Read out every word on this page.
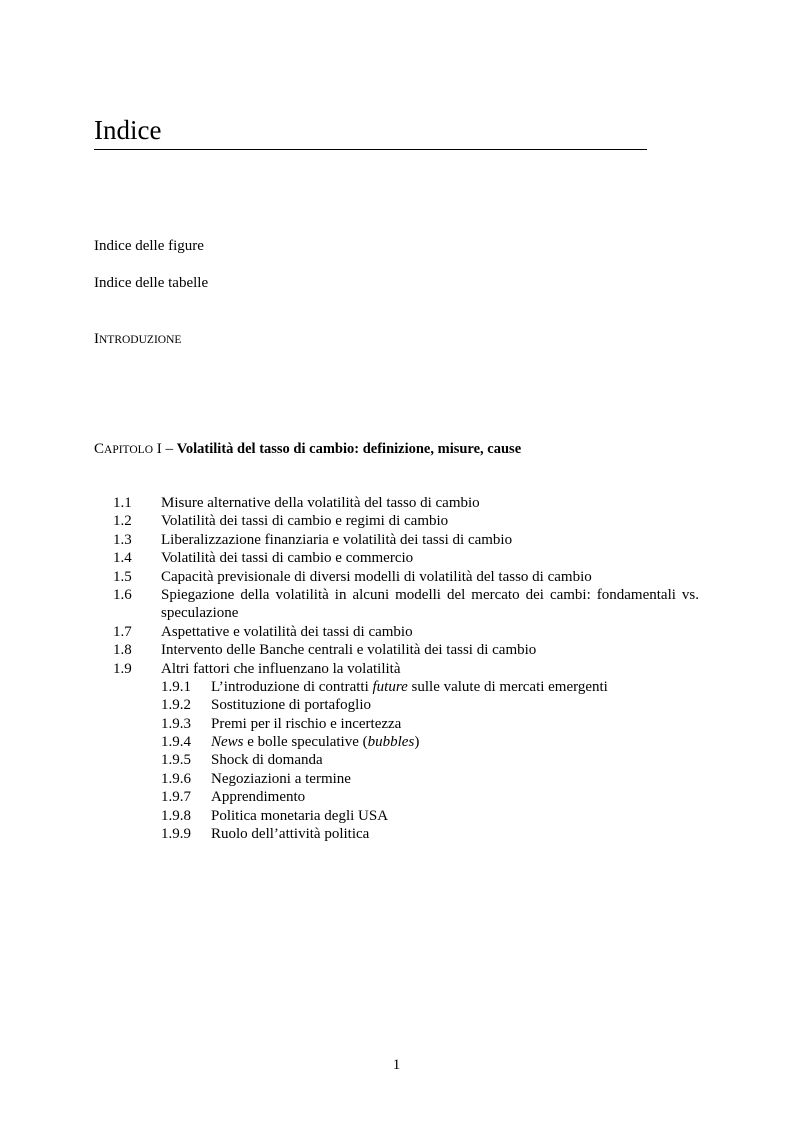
Indice
Indice delle figure
Indice delle tabelle
INTRODUZIONE
CAPITOLO I – Volatilità del tasso di cambio: definizione, misure, cause
1.1 Misure alternative della volatilità del tasso di cambio
1.2 Volatilità dei tassi di cambio e regimi di cambio
1.3 Liberalizzazione finanziaria e volatilità dei tassi di cambio
1.4 Volatilità dei tassi di cambio e commercio
1.5 Capacità previsionale di diversi modelli di volatilità del tasso di cambio
1.6 Spiegazione della volatilità in alcuni modelli del mercato dei cambi: fondamentali vs. speculazione
1.7 Aspettative e volatilità dei tassi di cambio
1.8 Intervento delle Banche centrali e volatilità dei tassi di cambio
1.9 Altri fattori che influenzano la volatilità
1.9.1 L’introduzione di contratti future sulle valute di mercati emergenti
1.9.2 Sostituzione di portafoglio
1.9.3 Premi per il rischio e incertezza
1.9.4 News e bolle speculative (bubbles)
1.9.5 Shock di domanda
1.9.6 Negoziazioni a termine
1.9.7 Apprendimento
1.9.8 Politica monetaria degli USA
1.9.9 Ruolo dell’attività politica
1
